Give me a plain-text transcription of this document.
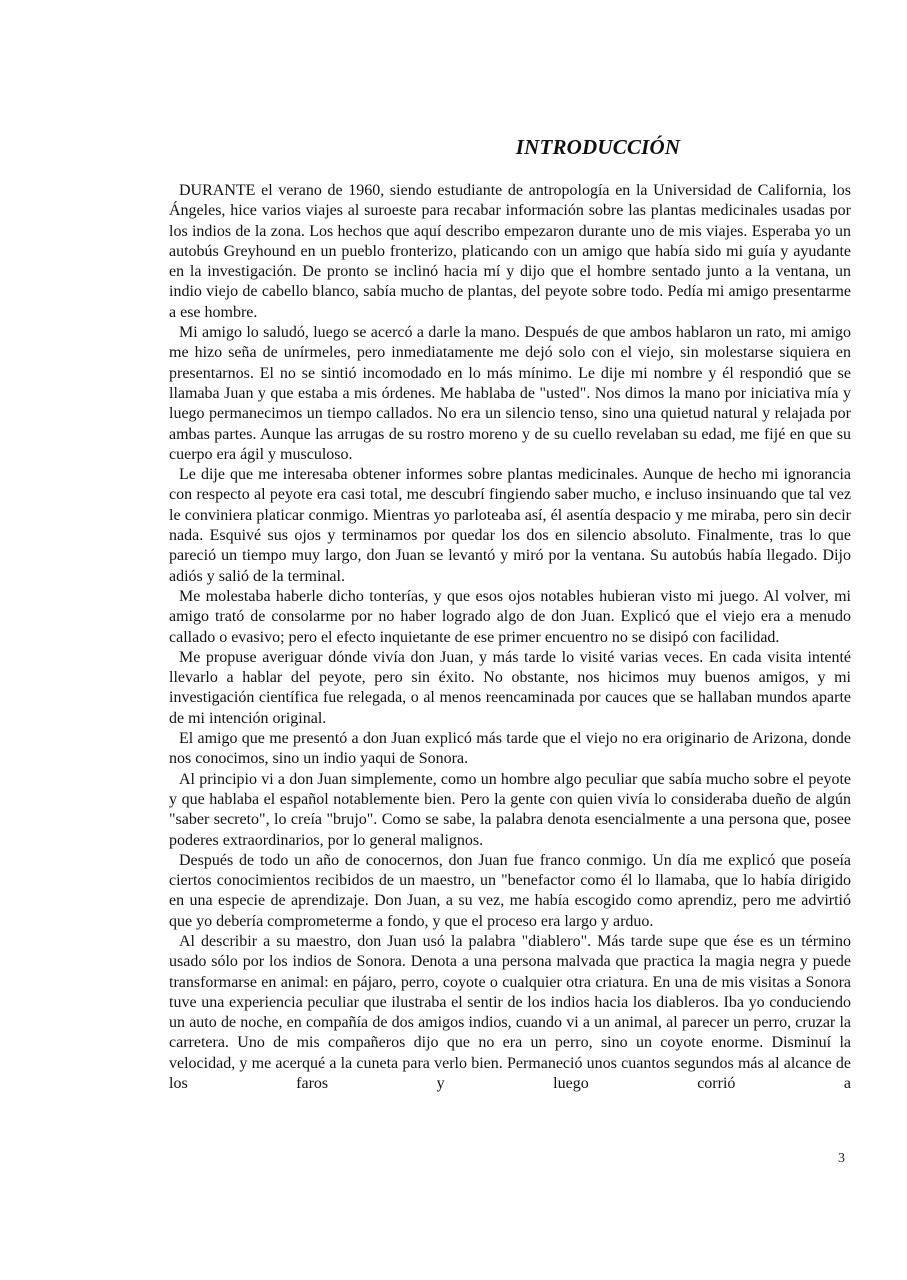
INTRODUCCIÓN

DURANTE el verano de 1960, siendo estudiante de antropología en la Universidad de California, los Ángeles, hice varios viajes al suroeste para recabar información sobre las plantas medicinales usadas por los indios de la zona. Los hechos que aquí describo empezaron durante uno de mis viajes. Esperaba yo un autobús Greyhound en un pueblo fronterizo, platicando con un amigo que había sido mi guía y ayudante en la investigación. De pronto se inclinó hacia mí y dijo que el hombre sentado junto a la ventana, un indio viejo de cabello blanco, sabía mucho de plantas, del peyote sobre todo. Pedía mi amigo presentarme a ese hombre.

Mi amigo lo saludó, luego se acercó a darle la mano. Después de que ambos hablaron un rato, mi amigo me hizo seña de unírmeles, pero inmediatamente me dejó solo con el viejo, sin molestarse siquiera en presentarnos. El no se sintió incomodado en lo más mínimo. Le dije mi nombre y él respondió que se llamaba Juan y que estaba a mis órdenes. Me hablaba de "usted". Nos dimos la mano por iniciativa mía y luego permanecimos un tiempo callados. No era un silencio tenso, sino una quietud natural y relajada por ambas partes. Aunque las arrugas de su rostro moreno y de su cuello revelaban su edad, me fijé en que su cuerpo era ágil y musculoso.

Le dije que me interesaba obtener informes sobre plantas medicinales. Aunque de hecho mi ignorancia con respecto al peyote era casi total, me descubrí fingiendo saber mucho, e incluso insinuando que tal vez le conviniera platicar conmigo. Mientras yo parloteaba así, él asentía despacio y me miraba, pero sin decir nada. Esquivé sus ojos y terminamos por quedar los dos en silencio absoluto. Finalmente, tras lo que pareció un tiempo muy largo, don Juan se levantó y miró por la ventana. Su autobús había llegado. Dijo adiós y salió de la terminal.

Me molestaba haberle dicho tonterías, y que esos ojos notables hubieran visto mi juego. Al volver, mi amigo trató de consolarme por no haber logrado algo de don Juan. Explicó que el viejo era a menudo callado o evasivo; pero el efecto inquietante de ese primer encuentro no se disipó con facilidad.

Me propuse averiguar dónde vivía don Juan, y más tarde lo visité varias veces. En cada visita intenté llevarlo a hablar del peyote, pero sin éxito. No obstante, nos hicimos muy buenos amigos, y mi investigación científica fue relegada, o al menos reencaminada por cauces que se hallaban mundos aparte de mi intención original.

El amigo que me presentó a don Juan explicó más tarde que el viejo no era originario de Arizona, donde nos conocimos, sino un indio yaqui de Sonora.

Al principio vi a don Juan simplemente, como un hombre algo peculiar que sabía mucho sobre el peyote y que hablaba el español notablemente bien. Pero la gente con quien vivía lo consideraba dueño de algún "saber secreto", lo creía "brujo". Como se sabe, la palabra denota esencialmente a una persona que, posee poderes extraordinarios, por lo general malignos.

Después de todo un año de conocernos, don Juan fue franco conmigo. Un día me explicó que poseía ciertos conocimientos recibidos de un maestro, un "benefactor como él lo llamaba, que lo había dirigido en una especie de aprendizaje. Don Juan, a su vez, me había escogido como aprendiz, pero me advirtió que yo debería comprometerme a fondo, y que el proceso era largo y arduo.

Al describir a su maestro, don Juan usó la palabra "diablero". Más tarde supe que ése es un término usado sólo por los indios de Sonora. Denota a una persona malvada que practica la magia negra y puede transformarse en animal: en pájaro, perro, coyote o cualquier otra criatura. En una de mis visitas a Sonora tuve una experiencia peculiar que ilustraba el sentir de los indios hacia los diableros. Iba yo conduciendo un auto de noche, en compañía de dos amigos indios, cuando vi a un animal, al parecer un perro, cruzar la carretera. Uno de mis compañeros dijo que no era un perro, sino un coyote enorme. Disminuí la velocidad, y me acerqué a la cuneta para verlo bien. Permaneció unos cuantos segundos más al alcance de los faros y luego corrió a

3
